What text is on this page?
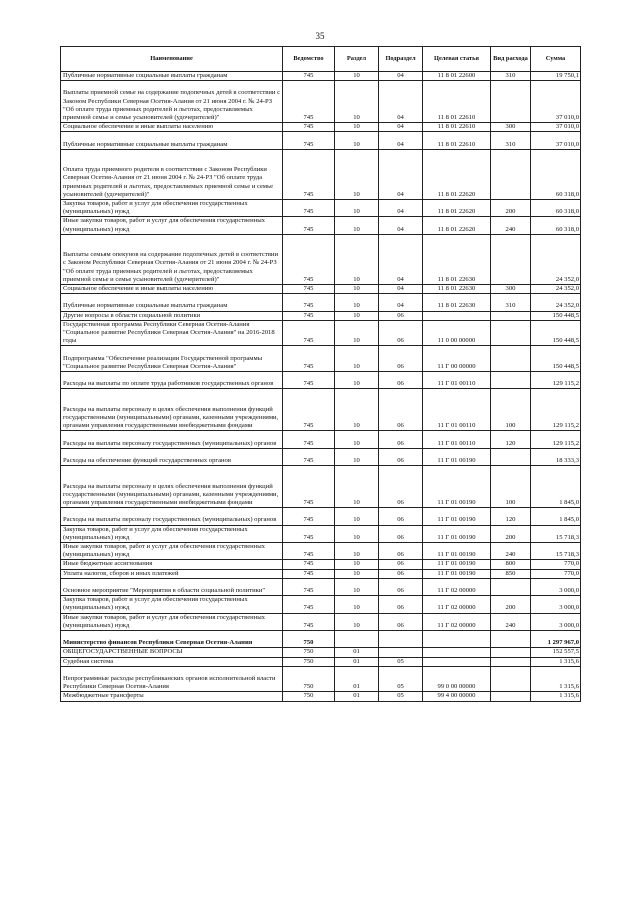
35
Наименование	Ведомство	Раздел	Подраздел	Целевая статья	Вид расхода	Сумма
Публичные нормативные социальные выплаты гражданам	745	10	04	11 8 01 22600	310	19 750,1
Выплаты приемной семье на содержание подопечных детей в соответствии с Законом Республики Северная Осетия-Алания от 21 июня 2004 г. № 24-РЗ "Об оплате труда приемных родителей и льготах, предоставляемых приемной семье и семье усыновителей (удочерителей)"	745	10	04	11 8 01 22610		37 010,0
Социальное обеспечение и иные выплаты населению	745	10	04	11 8 01 22610	300	37 010,0
Публичные нормативные социальные выплаты гражданам	745	10	04	11 8 01 22610	310	37 010,0
Оплата труда приемного родителя в соответствии с Законом Республики Северная Осетия-Алания от 21 июня 2004 г. № 24-РЗ "Об оплате труда приемных родителей и льготах, предоставляемых приемной семье и семье усыновителей (удочерителей)"	745	10	04	11 8 01 22620		60 318,0
Закупка товаров, работ и услуг для обеспечения государственных (муниципальных) нужд	745	10	04	11 8 01 22620	200	60 318,0
Иные закупки товаров, работ и услуг для обеспечения государственных (муниципальных) нужд	745	10	04	11 8 01 22620	240	60 318,0
Выплаты семьям опекунов на содержание подопечных детей в соответствии с Законом Республики Северная Осетия-Алания от 21 июня 2004 г. № 24-РЗ "Об оплате труда приемных родителей и льготах, предоставляемых приемной семье и семье усыновителей (удочерителей)"	745	10	04	11 8 01 22630		24 352,0
Социальное обеспечение и иные выплаты населению	745	10	04	11 8 01 22630	300	24 352,0
Публичные нормативные социальные выплаты гражданам	745	10	04	11 8 01 22630	310	24 352,0
Другие вопросы в области социальной политики	745	10	06			150 448,5
Государственная программа Республики Северная Осетия-Алания "Социальное развитие Республики Северная Осетия-Алания" на 2016-2018 годы	745	10	06	11 0 00 00000		150 448,5
Подпрограмма "Обеспечение реализации Государственной программы "Социальное развитие Республики Северная Осетия-Алания"	745	10	06	11 Г 00 00000		150 448,5
Расходы на выплаты по оплате труда работников государственных органов	745	10	06	11 Г 01 00110		129 115,2
Расходы на выплаты персоналу в целях обеспечения выполнения функций государственными (муниципальными) органами, казенными учреждениями, органами управления государственными внебюджетными фондами	745	10	06	11 Г 01 00110	100	129 115,2
Расходы на выплаты персоналу государственных (муниципальных) органов	745	10	06	11 Г 01 00110	120	129 115,2
Расходы на обеспечение функций государственных органов	745	10	06	11 Г 01 00190		18 333,3
Расходы на выплаты персоналу в целях обеспечения выполнения функций государственными (муниципальными) органами, казенными учреждениями, органами управления государственными внебюджетными фондами	745	10	06	11 Г 01 00190	100	1 845,0
Расходы на выплаты персоналу государственных (муниципальных) органов	745	10	06	11 Г 01 00190	120	1 845,0
Закупка товаров, работ и услуг для обеспечения государственных (муниципальных) нужд	745	10	06	11 Г 01 00190	200	15 718,3
Иные закупки товаров, работ и услуг для обеспечения государственных (муниципальных) нужд	745	10	06	11 Г 01 00190	240	15 718,3
Иные бюджетные ассигнования	745	10	06	11 Г 01 00190	800	770,0
Уплата налогов, сборов и иных платежей	745	10	06	11 Г 01 00190	850	770,0
Основное мероприятие "Мероприятия в области социальной политики"	745	10	06	11 Г 02 00000		3 000,0
Закупка товаров, работ и услуг для обеспечения государственных (муниципальных) нужд	745	10	06	11 Г 02 00000	200	3 000,0
Иные закупки товаров, работ и услуг для обеспечения государственных (муниципальных) нужд	745	10	06	11 Г 02 00000	240	3 000,0
Министерство финансов Республики Северная Осетия-Алания	750					1 297 967,0
ОБЩЕГОСУДАРСТВЕННЫЕ ВОПРОСЫ	750	01				152 557,5
Судебная система	750	01	05			1 315,6
Непрограммные расходы республиканских органов исполнительной власти Республики Северная Осетия-Алания	750	01	05	99 0 00 00000		1 315,6
Межбюджетные трансферты	750	01	05	99 4 00 00000		1 315,6
